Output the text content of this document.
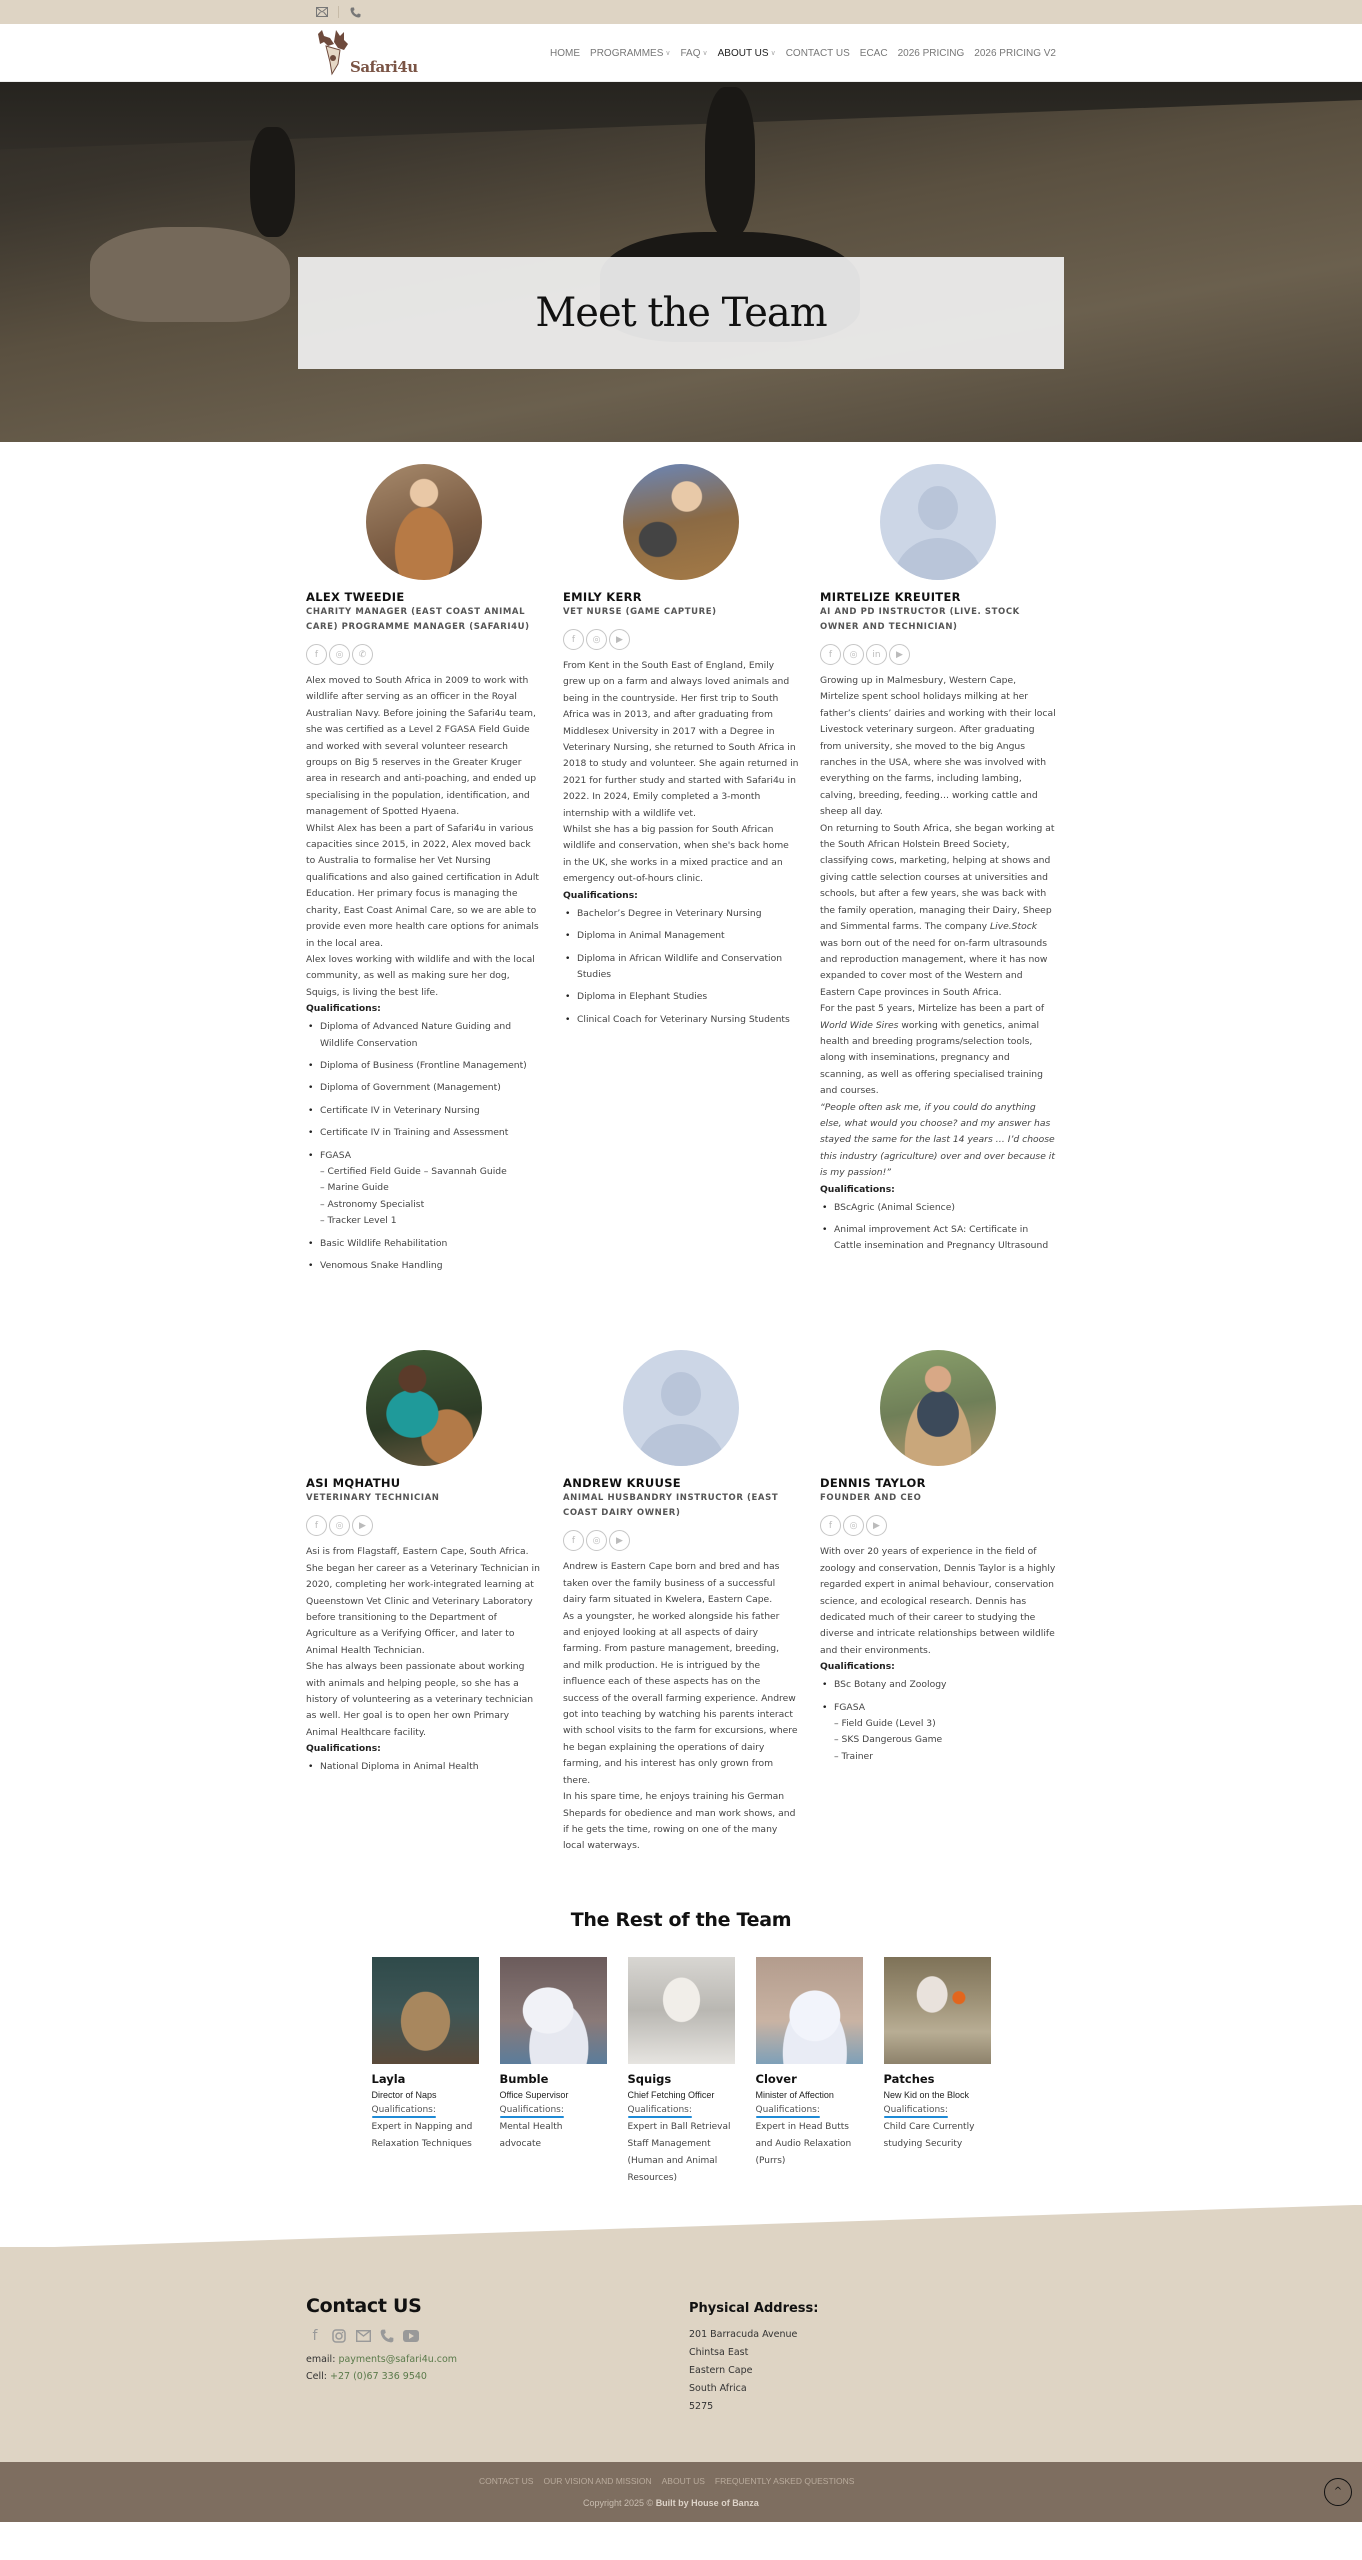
Safari4u
HOME PROGRAMMES ∨ FAQ ∨ ABOUT US ∨ CONTACT US ECAC 2026 PRICING 2026 PRICING V2
Meet the Team
ALEX TWEEDIE
CHARITY MANAGER (EAST COAST ANIMAL CARE) PROGRAMME MANAGER (SAFARI4U)
f	◎	✆

Alex moved to South Africa in 2009 to work with wildlife after serving as an officer in the Royal Australian Navy. Before joining the Safari4u team, she was certified as a Level 2 FGASA Field Guide and worked with several volunteer research groups on Big 5 reserves in the Greater Kruger area in research and anti-poaching, and ended up specialising in the population, identification, and management of Spotted Hyaena.

Whilst Alex has been a part of Safari4u in various capacities since 2015, in 2022, Alex moved back to Australia to formalise her Vet Nursing qualifications and also gained certification in Adult Education. Her primary focus is managing the charity, East Coast Animal Care, so we are able to provide even more health care options for animals in the local area.

Alex loves working with wildlife and with the local community, as well as making sure her dog, Squigs, is living the best life.

Qualifications:
• Diploma of Advanced Nature Guiding and Wildlife Conservation
• Diploma of Business (Frontline Management)
• Diploma of Government (Management)
• Certificate IV in Veterinary Nursing
• Certificate IV in Training and Assessment
• FGASA
– Certified Field Guide – Savannah Guide
– Marine Guide
– Astronomy Specialist
– Tracker Level 1
• Basic Wildlife Rehabilitation
• Venomous Snake Handling
EMILY KERR
VET NURSE (GAME CAPTURE)
f	◎	▶

From Kent in the South East of England, Emily grew up on a farm and always loved animals and being in the countryside. Her first trip to South Africa was in 2013, and after graduating from Middlesex University in 2017 with a Degree in Veterinary Nursing, she returned to South Africa in 2018 to study and volunteer. She again returned in 2021 for further study and started with Safari4u in 2022. In 2024, Emily completed a 3-month internship with a wildlife vet.

Whilst she has a big passion for South African wildlife and conservation, when she's back home in the UK, she works in a mixed practice and an emergency out-of-hours clinic.

Qualifications:
• Bachelor’s Degree in Veterinary Nursing
• Diploma in Animal Management
• Diploma in African Wildlife and Conservation Studies
• Diploma in Elephant Studies
• Clinical Coach for Veterinary Nursing Students
MIRTELIZE KREUITER
AI AND PD INSTRUCTOR (LIVE. STOCK OWNER AND TECHNICIAN)
f	◎	in	▶

Growing up in Malmesbury, Western Cape, Mirtelize spent school holidays milking at her father’s clients’ dairies and working with their local Livestock veterinary surgeon. After graduating from university, she moved to the big Angus ranches in the USA, where she was involved with everything on the farms, including lambing, calving, breeding, feeding… working cattle and sheep all day.

On returning to South Africa, she began working at the South African Holstein Breed Society, classifying cows, marketing, helping at shows and giving cattle selection courses at universities and schools, but after a few years, she was back with the family operation, managing their Dairy, Sheep and Simmental farms. The company Live.Stock was born out of the need for on-farm ultrasounds and reproduction management, where it has now expanded to cover most of the Western and Eastern Cape provinces in South Africa.

For the past 5 years, Mirtelize has been a part of World Wide Sires working with genetics, animal health and breeding programs/selection tools, along with inseminations, pregnancy and scanning, as well as offering specialised training and courses.

“People often ask me, if you could do anything else, what would you choose? and my answer has stayed the same for the last 14 years … I’d choose this industry (agriculture) over and over because it is my passion!”

Qualifications:
• BScAgric (Animal Science)
• Animal improvement Act SA: Certificate in Cattle insemination and Pregnancy Ultrasound
ASI MQHATHU
VETERINARY TECHNICIAN
f	◎	▶

Asi is from Flagstaff, Eastern Cape, South Africa. She began her career as a Veterinary Technician in 2020, completing her work-integrated learning at Queenstown Vet Clinic and Veterinary Laboratory before transitioning to the Department of Agriculture as a Verifying Officer, and later to Animal Health Technician.

She has always been passionate about working with animals and helping people, so she has a history of volunteering as a veterinary technician as well. Her goal is to open her own Primary Animal Healthcare facility.

Qualifications:
• National Diploma in Animal Health
ANDREW KRUUSE
ANIMAL HUSBANDRY INSTRUCTOR (EAST COAST DAIRY OWNER)
f	◎	▶

Andrew is Eastern Cape born and bred and has taken over the family business of a successful dairy farm situated in Kwelera, Eastern Cape.

As a youngster, he worked alongside his father and enjoyed looking at all aspects of dairy farming. From pasture management, breeding, and milk production. He is intrigued by the influence each of these aspects has on the success of the overall farming experience. Andrew got into teaching by watching his parents interact with school visits to the farm for excursions, where he began explaining the operations of dairy farming, and his interest has only grown from there.

In his spare time, he enjoys training his German Shepards for obedience and man work shows, and if he gets the time, rowing on one of the many local waterways.

DENNIS TAYLOR
FOUNDER AND CEO
f	◎	▶

With over 20 years of experience in the field of zoology and conservation, Dennis Taylor is a highly regarded expert in animal behaviour, conservation science, and ecological research. Dennis has dedicated much of their career to studying the diverse and intricate relationships between wildlife and their environments.

Qualifications:
• BSc Botany and Zoology
• FGASA
– Field Guide (Level 3)
– SKS Dangerous Game
– Trainer
The Rest of the Team
Layla
Director of Naps
Qualifications:
Expert in Napping and Relaxation Techniques
Bumble
Office Supervisor
Qualifications:
Mental Health advocate
Squigs
Chief Fetching Officer
Qualifications:
Expert in Ball Retrieval Staff Management (Human and Animal Resources)
Clover
Minister of Affection
Qualifications:
Expert in Head Butts and Audio Relaxation (Purrs)
Patches
New Kid on the Block
Qualifications:
Child Care Currently studying Security
Contact US
f
email: payments@safari4u.com
Cell: +27 (0)67 336 9540
Physical Address:
201 Barracuda Avenue
Chintsa East
Eastern Cape
South Africa
5275
CONTACT US OUR VISION AND MISSION ABOUT US FREQUENTLY ASKED QUESTIONS
Copyright 2025 © Built by House of Banza
^
